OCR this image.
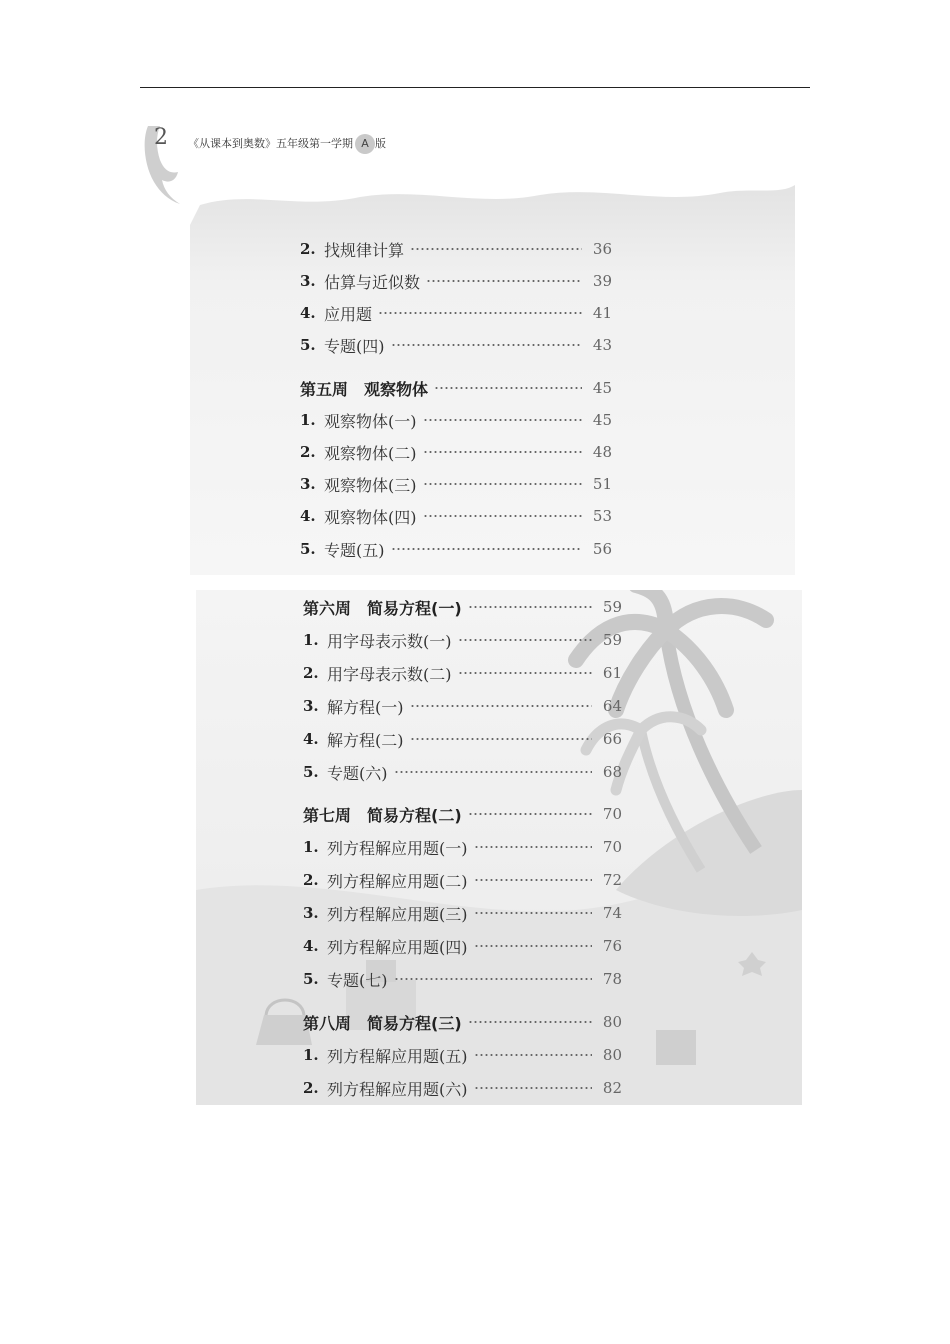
2 《从课本到奥数》五年级第一学期 A 版
2. 找规律计算	36
3. 估算与近似数	39
4. 应用题	41
5. 专题(四)	43
第五周　观察物体	45
1. 观察物体(一)	45
2. 观察物体(二)	48
3. 观察物体(三)	51
4. 观察物体(四)	53
5. 专题(五)	56
第六周　简易方程(一)	59
1. 用字母表示数(一)	59
2. 用字母表示数(二)	61
3. 解方程(一)	64
4. 解方程(二)	66
5. 专题(六)	68
第七周　简易方程(二)	70
1. 列方程解应用题(一)	70
2. 列方程解应用题(二)	72
3. 列方程解应用题(三)	74
4. 列方程解应用题(四)	76
5. 专题(七)	78
第八周　简易方程(三)	80
1. 列方程解应用题(五)	80
2. 列方程解应用题(六)	82
